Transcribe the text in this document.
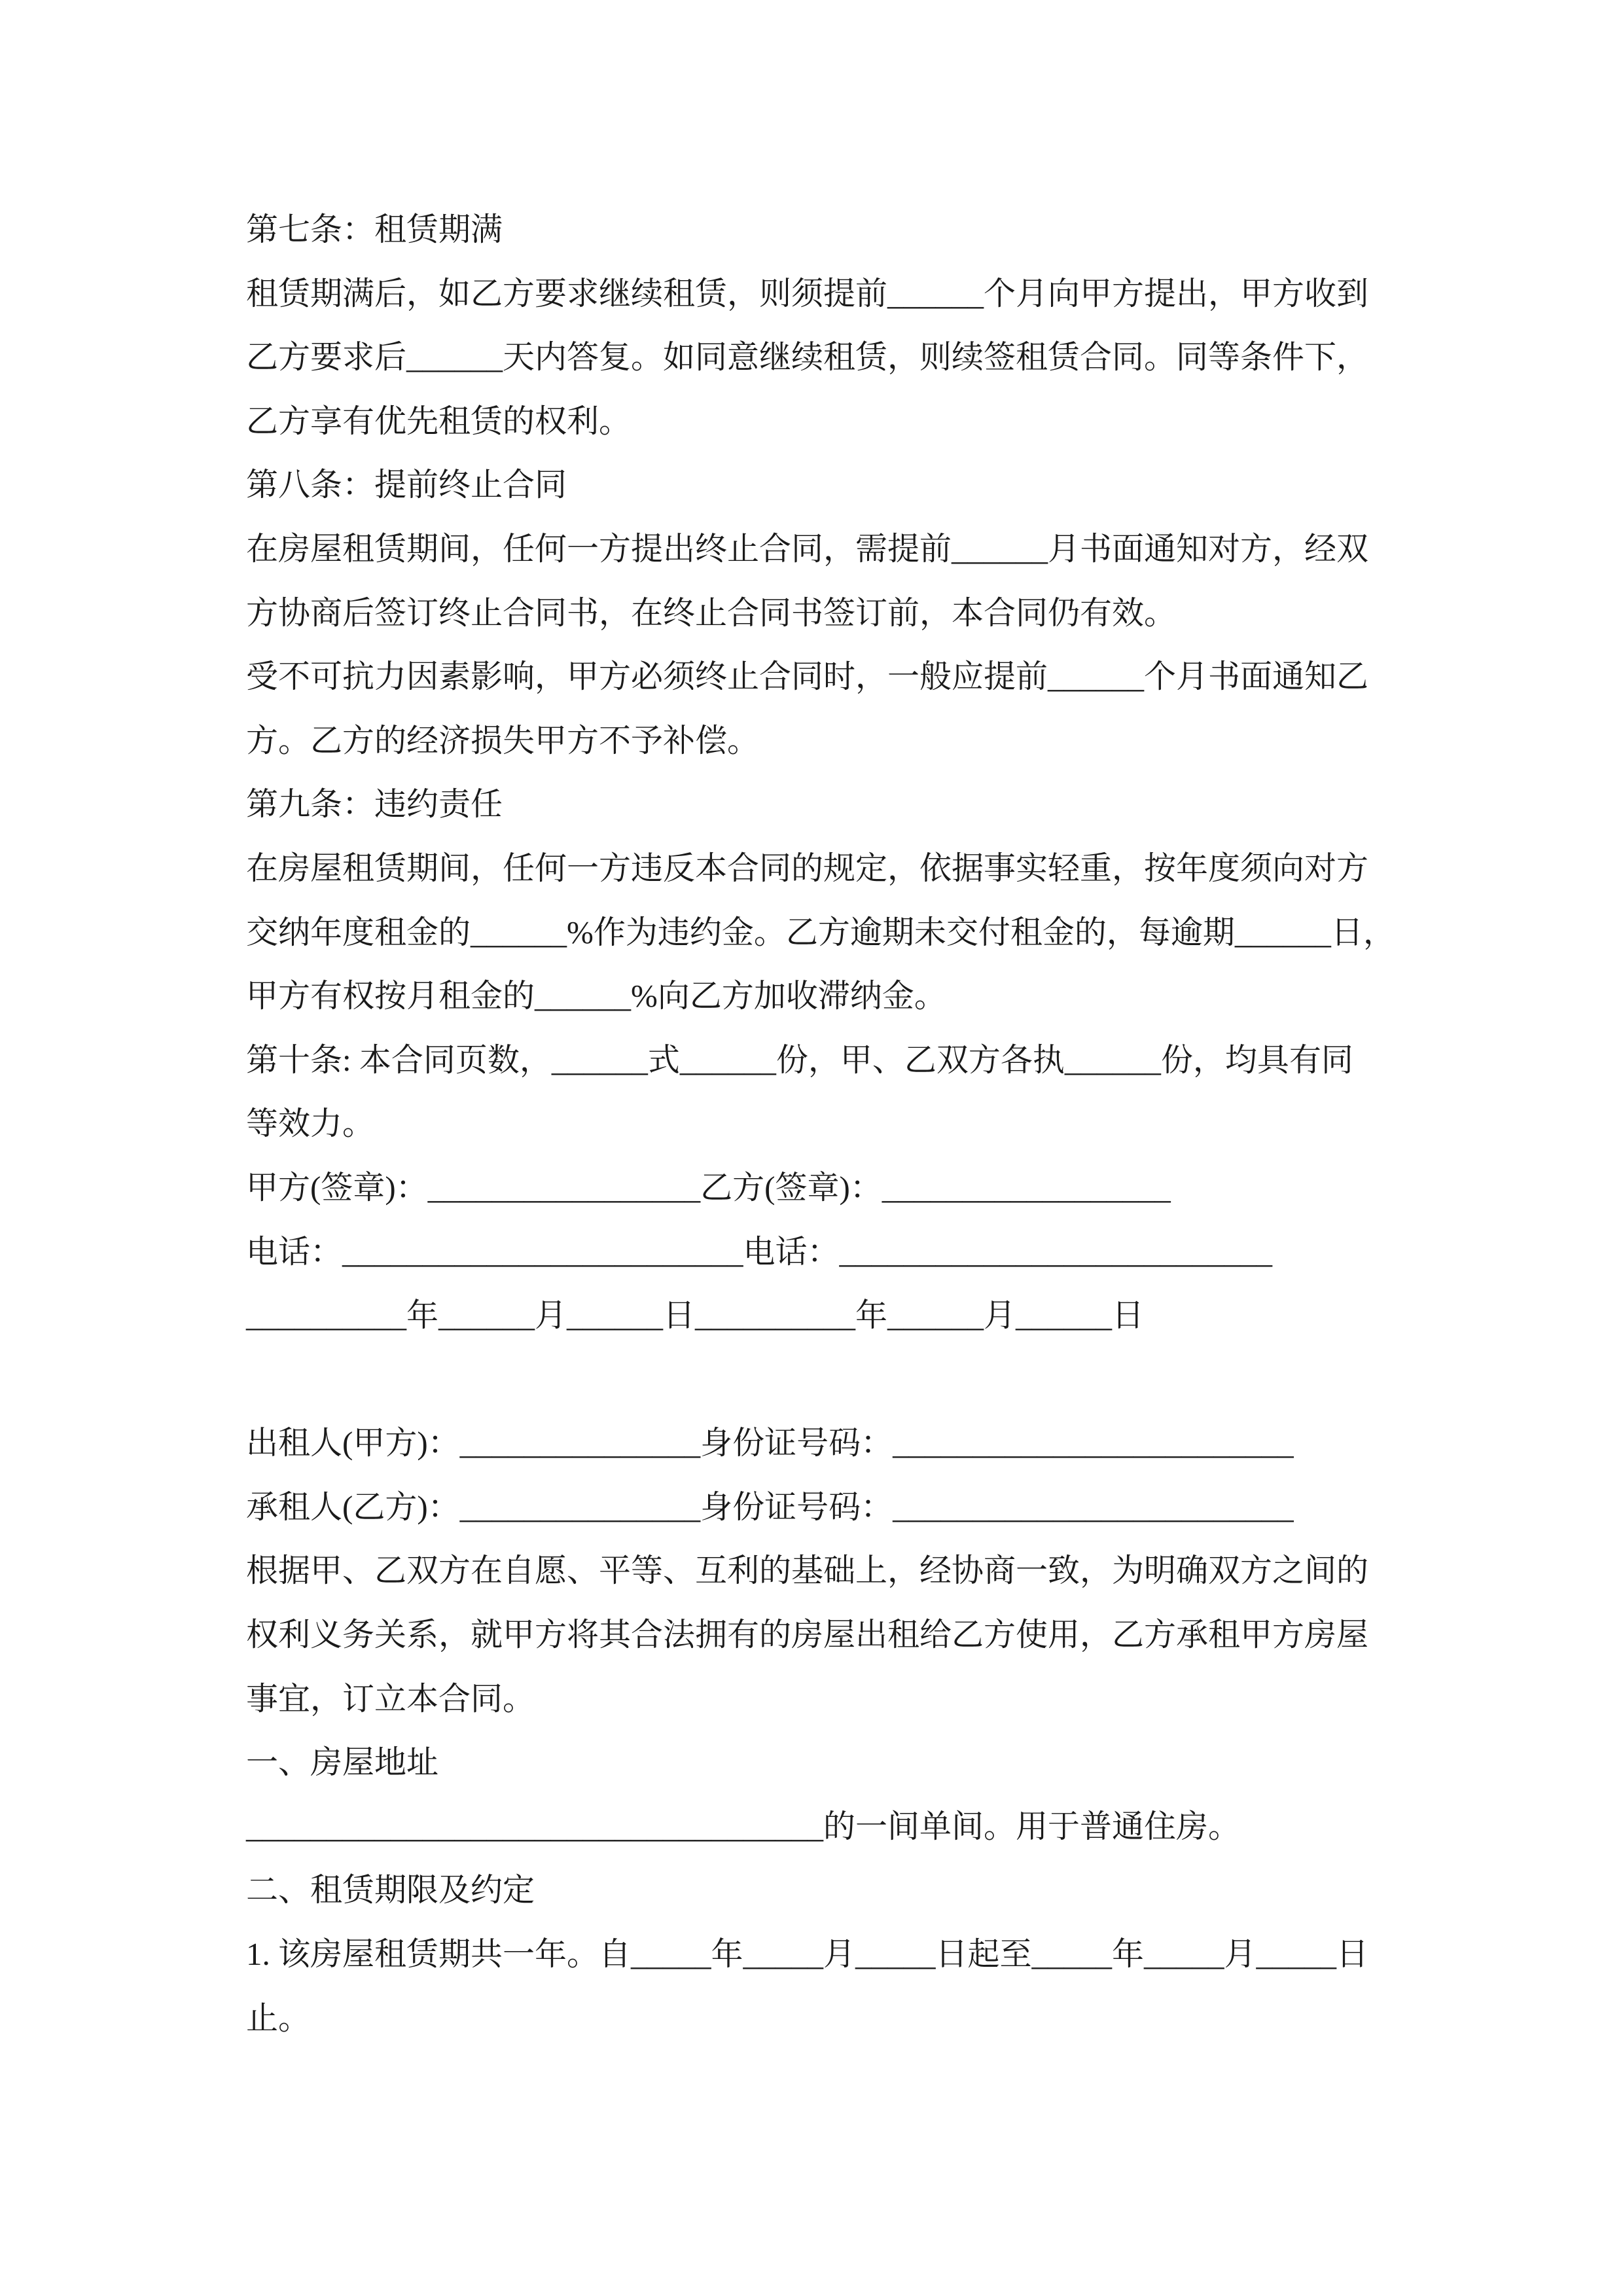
第七条：租赁期满
租赁期满后，如乙方要求继续租赁，则须提前______个月向甲方提出，甲方收到
乙方要求后______天内答复。如同意继续租赁，则续签租赁合同。同等条件下，
乙方享有优先租赁的权利。
第八条：提前终止合同
在房屋租赁期间，任何一方提出终止合同，需提前______月书面通知对方，经双
方协商后签订终止合同书，在终止合同书签订前，本合同仍有效。
受不可抗力因素影响，甲方必须终止合同时，一般应提前______个月书面通知乙
方。乙方的经济损失甲方不予补偿。
第九条：违约责任
在房屋租赁期间，任何一方违反本合同的规定，依据事实轻重，按年度须向对方
交纳年度租金的______%作为违约金。乙方逾期未交付租金的，每逾期______日，
甲方有权按月租金的______%向乙方加收滞纳金。
第十条: 本合同页数，______式______份，甲、乙双方各执______份，均具有同
等效力。
甲方(签章)：_________________乙方(签章)：__________________
电话：_________________________电话：___________________________
__________年______月______日__________年______月______日
出租人(甲方)：_______________身份证号码：_________________________
承租人(乙方)：_______________身份证号码：_________________________
根据甲、乙双方在自愿、平等、互利的基础上，经协商一致，为明确双方之间的
权利义务关系，就甲方将其合法拥有的房屋出租给乙方使用，乙方承租甲方房屋
事宜，订立本合同。
一、房屋地址
____________________________________的一间单间。用于普通住房。
二、租赁期限及约定
1. 该房屋租赁期共一年。自_____年_____月_____日起至_____年_____月_____日
止。
